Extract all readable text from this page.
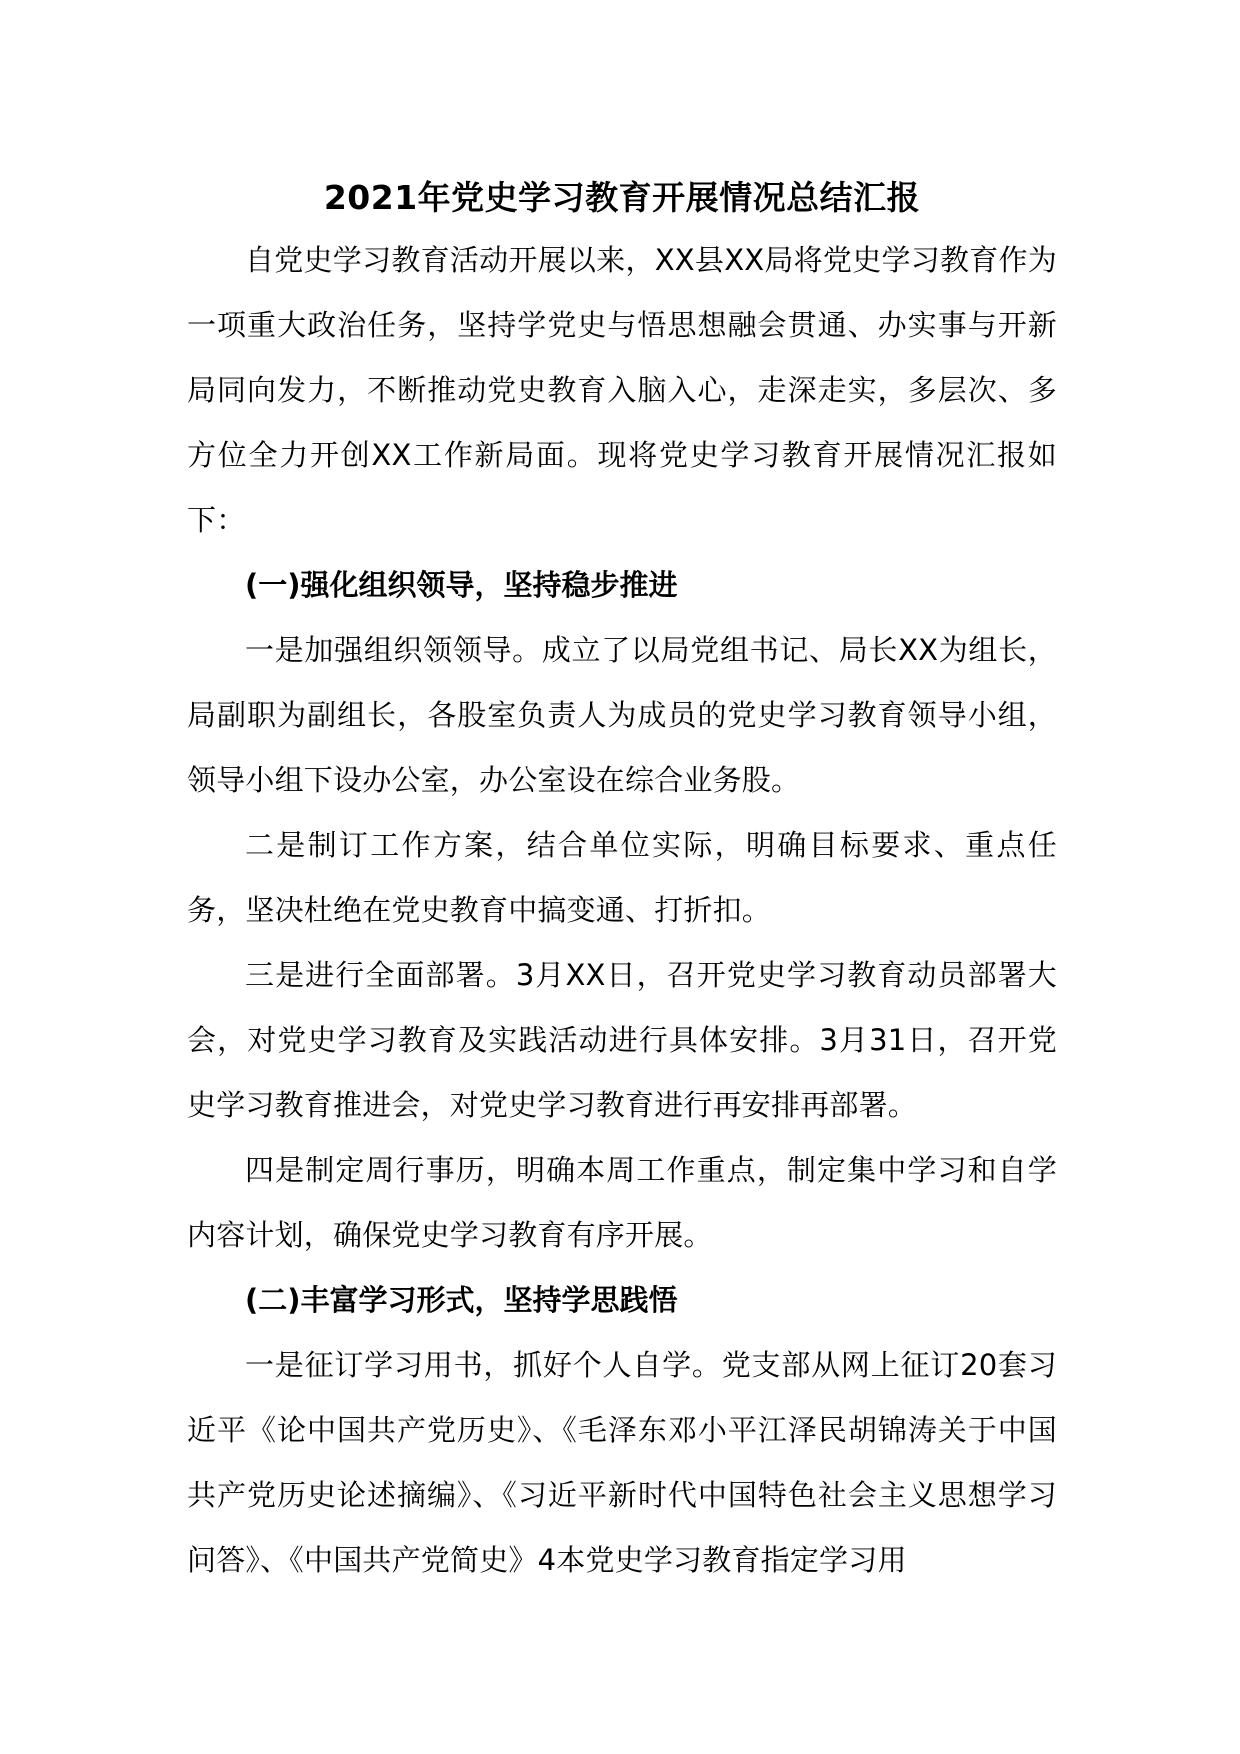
2021年党史学习教育开展情况总结汇报

自党史学习教育活动开展以来，XX县XX局将党史学习教育作为一项重大政治任务，坚持学党史与悟思想融会贯通、办实事与开新局同向发力，不断推动党史教育入脑入心，走深走实，多层次、多方位全力开创XX工作新局面。现将党史学习教育开展情况汇报如下：

(一)强化组织领导，坚持稳步推进

一是加强组织领领导。成立了以局党组书记、局长XX为组长，局副职为副组长，各股室负责人为成员的党史学习教育领导小组，领导小组下设办公室，办公室设在综合业务股。

二是制订工作方案，结合单位实际，明确目标要求、重点任务，坚决杜绝在党史教育中搞变通、打折扣。

三是进行全面部署。3月XX日，召开党史学习教育动员部署大会，对党史学习教育及实践活动进行具体安排。3月31日，召开党史学习教育推进会，对党史学习教育进行再安排再部署。

四是制定周行事历，明确本周工作重点，制定集中学习和自学内容计划，确保党史学习教育有序开展。

(二)丰富学习形式，坚持学思践悟

一是征订学习用书，抓好个人自学。党支部从网上征订20套习近平《论中国共产党历史》、《毛泽东邓小平江泽民胡锦涛关于中国共产党历史论述摘编》、《习近平新时代中国特色社会主义思想学习问答》、《中国共产党简史》4本党史学习教育指定学习用
